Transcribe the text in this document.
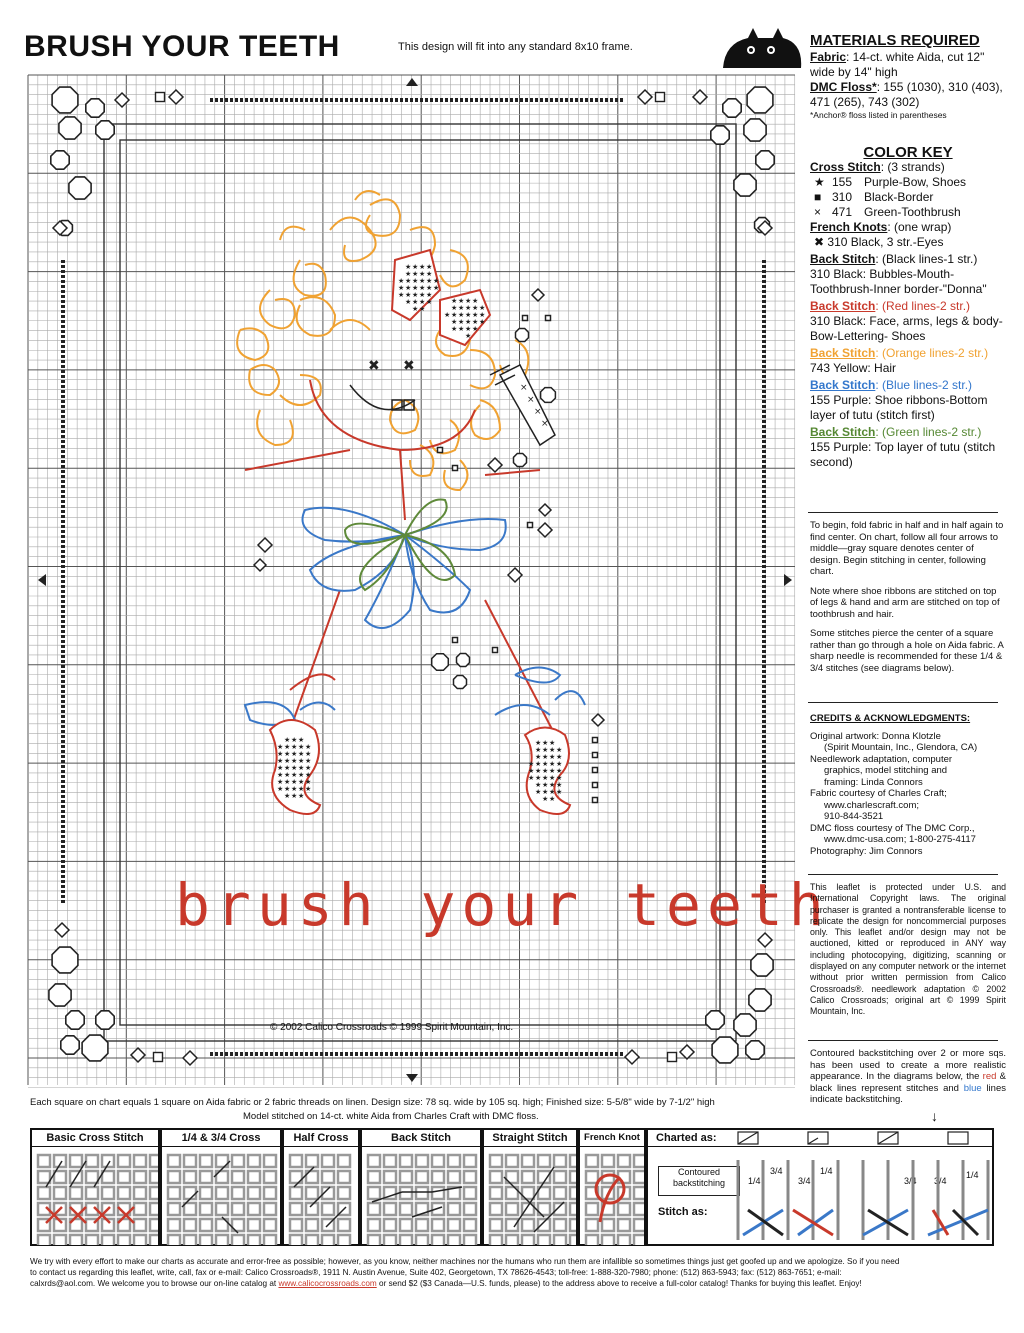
BRUSH YOUR TEETH	This design will fit into any standard 8x10 frame.
★ ★ ★ ★
★ ★ ★ ★
★ ★ ★ ★ ★ ★
★ ★ ★ ★ ★ ★
★ ★ ★ ★ ★
★ ★ ★ ★
★ ★
★ ★ ★ ★
★ ★ ★ ★ ★
★ ★ ★ ★ ★ ★
★ ★ ★ ★ ★
★ ★ ★ ★
★
✖ ✖
×
×
×
×
★ ★ ★
★ ★ ★ ★ ★
★ ★ ★ ★ ★
★ ★ ★ ★ ★
★ ★ ★ ★ ★
★ ★ ★ ★ ★
★ ★ ★ ★ ★
★ ★ ★ ★ ★
★ ★ ★
★ ★ ★
★ ★ ★ ★
★ ★ ★ ★
★ ★ ★ ★ ★
★ ★ ★ ★ ★
★ ★ ★ ★ ★
★ ★ ★ ★
★ ★ ★ ★
★ ★
brush your teeth
© 2002 Calico Crossroads © 1999 Spirit Mountain, Inc.
Each square on chart equals 1 square on Aida fabric or 2 fabric threads on linen. Design size: 78 sq. wide by 105 sq. high; Finished size: 5-5/8" wide by 7-1/2" high
Model stitched on 14-ct. white Aida from Charles Craft with DMC floss.
MATERIALS REQUIRED
Fabric: 14-ct. white Aida, cut 12" wide by 14" high
DMC Floss*: 155 (1030), 310 (403), 471 (265), 743 (302)
*Anchor® floss listed in parentheses
COLOR KEY
Cross Stitch: (3 strands)
★ 155 Purple-Bow, Shoes
■ 310 Black-Border
× 471 Green-Toothbrush
French Knots: (one wrap)
✖ 310 Black, 3 str.-Eyes
Back Stitch: (Black lines-1 str.)
310 Black: Bubbles-Mouth-Toothbrush-Inner border-"Donna"
Back Stitch: (Red lines-2 str.)
310 Black: Face, arms, legs & body-Bow-Lettering- Shoes
Back Stitch: (Orange lines-2 str.)
743 Yellow: Hair
Back Stitch: (Blue lines-2 str.)
155 Purple: Shoe ribbons-Bottom layer of tutu (stitch first)
Back Stitch: (Green lines-2 str.)
155 Purple: Top layer of tutu (stitch second)
To begin, fold fabric in half and in half again to find center. On chart, follow all four arrows to middle—gray square denotes center of design. Begin stitching in center, following chart.
Note where shoe ribbons are stitched on top of legs & hand and arm are stitched on top of toothbrush and hair.
Some stitches pierce the center of a square rather than go through a hole on Aida fabric. A sharp needle is recommended for these 1/4 & 3/4 stitches (see diagrams below).
CREDITS & ACKNOWLEDGMENTS:
Original artwork: Donna Klotzle
(Spirit Mountain, Inc., Glendora, CA)
Needlework adaptation, computer
graphics, model stitching and
framing: Linda Connors
Fabric courtesy of Charles Craft;
www.charlescraft.com;
910-844-3521
DMC floss courtesy of The DMC Corp.,
www.dmc-usa.com; 1-800-275-4117
Photography: Jim Connors
This leaflet is protected under U.S. and International Copyright laws. The original purchaser is granted a nontransferable license to replicate the design for noncommercial purposes only. This leaflet and/or design may not be auctioned, kitted or reproduced in ANY way including photocopying, digitizing, scanning or displayed on any computer network or the internet without prior written permission from Calico Crossroads®. needlework adaptation © 2002 Calico Crossroads; original art © 1999 Spirit Mountain, Inc.
Contoured backstitching over 2 or more sqs. has been used to create a more realistic appearance. In the diagrams below, the red & black lines represent stitches and blue lines indicate backstitching.
↓
Basic Cross Stitch	1/4 & 3/4 Cross	Half Cross	Back Stitch	Straight Stitch	French Knot	Charted as:
Contoured backstitching
Stitch as:
1/4
3/4
3/4
1/4
3/4 3/4
1/4
We try with every effort to make our charts as accurate and error-free as possible; however, as you know, neither machines nor the humans who run them are infallible so sometimes things just get goofed up and we apologize. So if you need
to contact us regarding this leaflet, write, call, fax or e-mail: Calico Crossroads®, 1911 N. Austin Avenue, Suite 402, Georgetown, TX 78626-4543; toll-free: 1-888-320-7980; phone: (512) 863-5943; fax: (512) 863-7651; e-mail:
calxrds@aol.com. We welcome you to browse our on-line catalog at www.calicocrossroads.com or send $2 ($3 Canada—U.S. funds, please) to the address above to receive a full-color catalog! Thanks for buying this leaflet. Enjoy!
